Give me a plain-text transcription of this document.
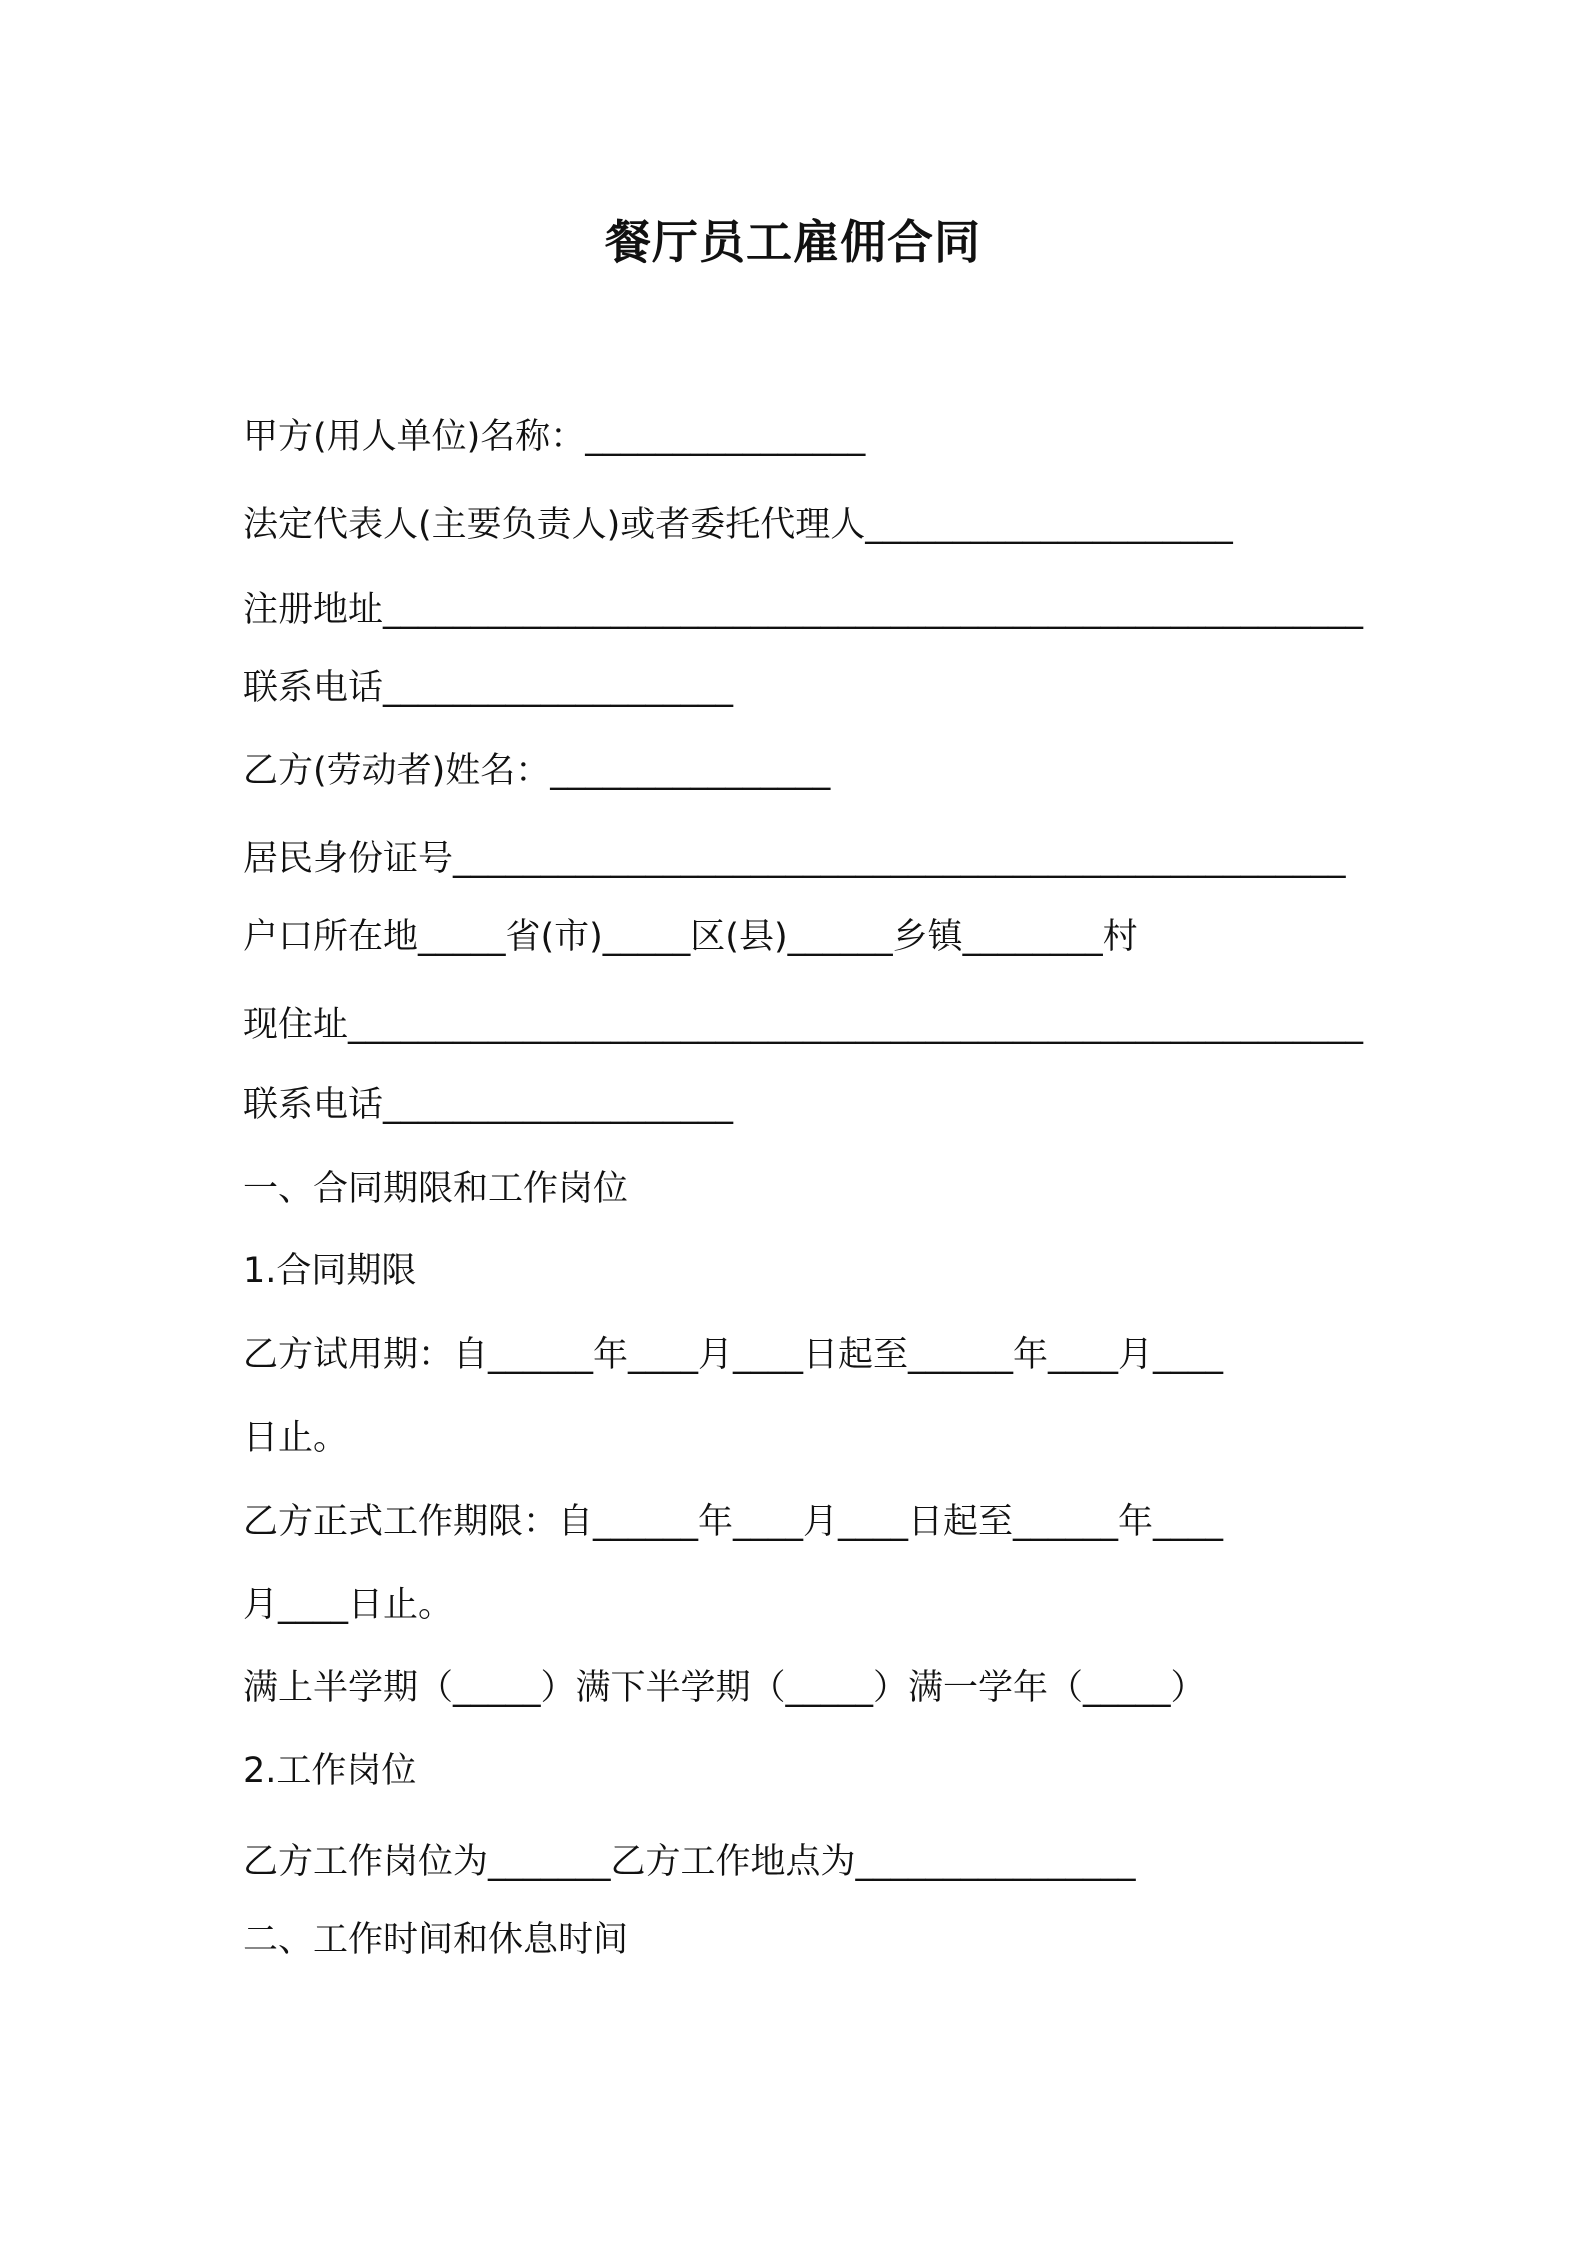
餐厅员工雇佣合同
甲方(用人单位)名称：________________
法定代表人(主要负责人)或者委托代理人_____________________
注册地址________________________________________________________
联系电话____________________
乙方(劳动者)姓名：________________
居民身份证号___________________________________________________
户口所在地_____省(市)_____区(县)______乡镇________村
现住址__________________________________________________________
联系电话____________________
一、合同期限和工作岗位
1.合同期限
乙方试用期：自______年____月____日起至______年____月____
日止。
乙方正式工作期限：自______年____月____日起至______年____
月____日止。
满上半学期（_____）满下半学期（_____）满一学年（_____）
2.工作岗位
乙方工作岗位为_______乙方工作地点为________________
二、工作时间和休息时间
